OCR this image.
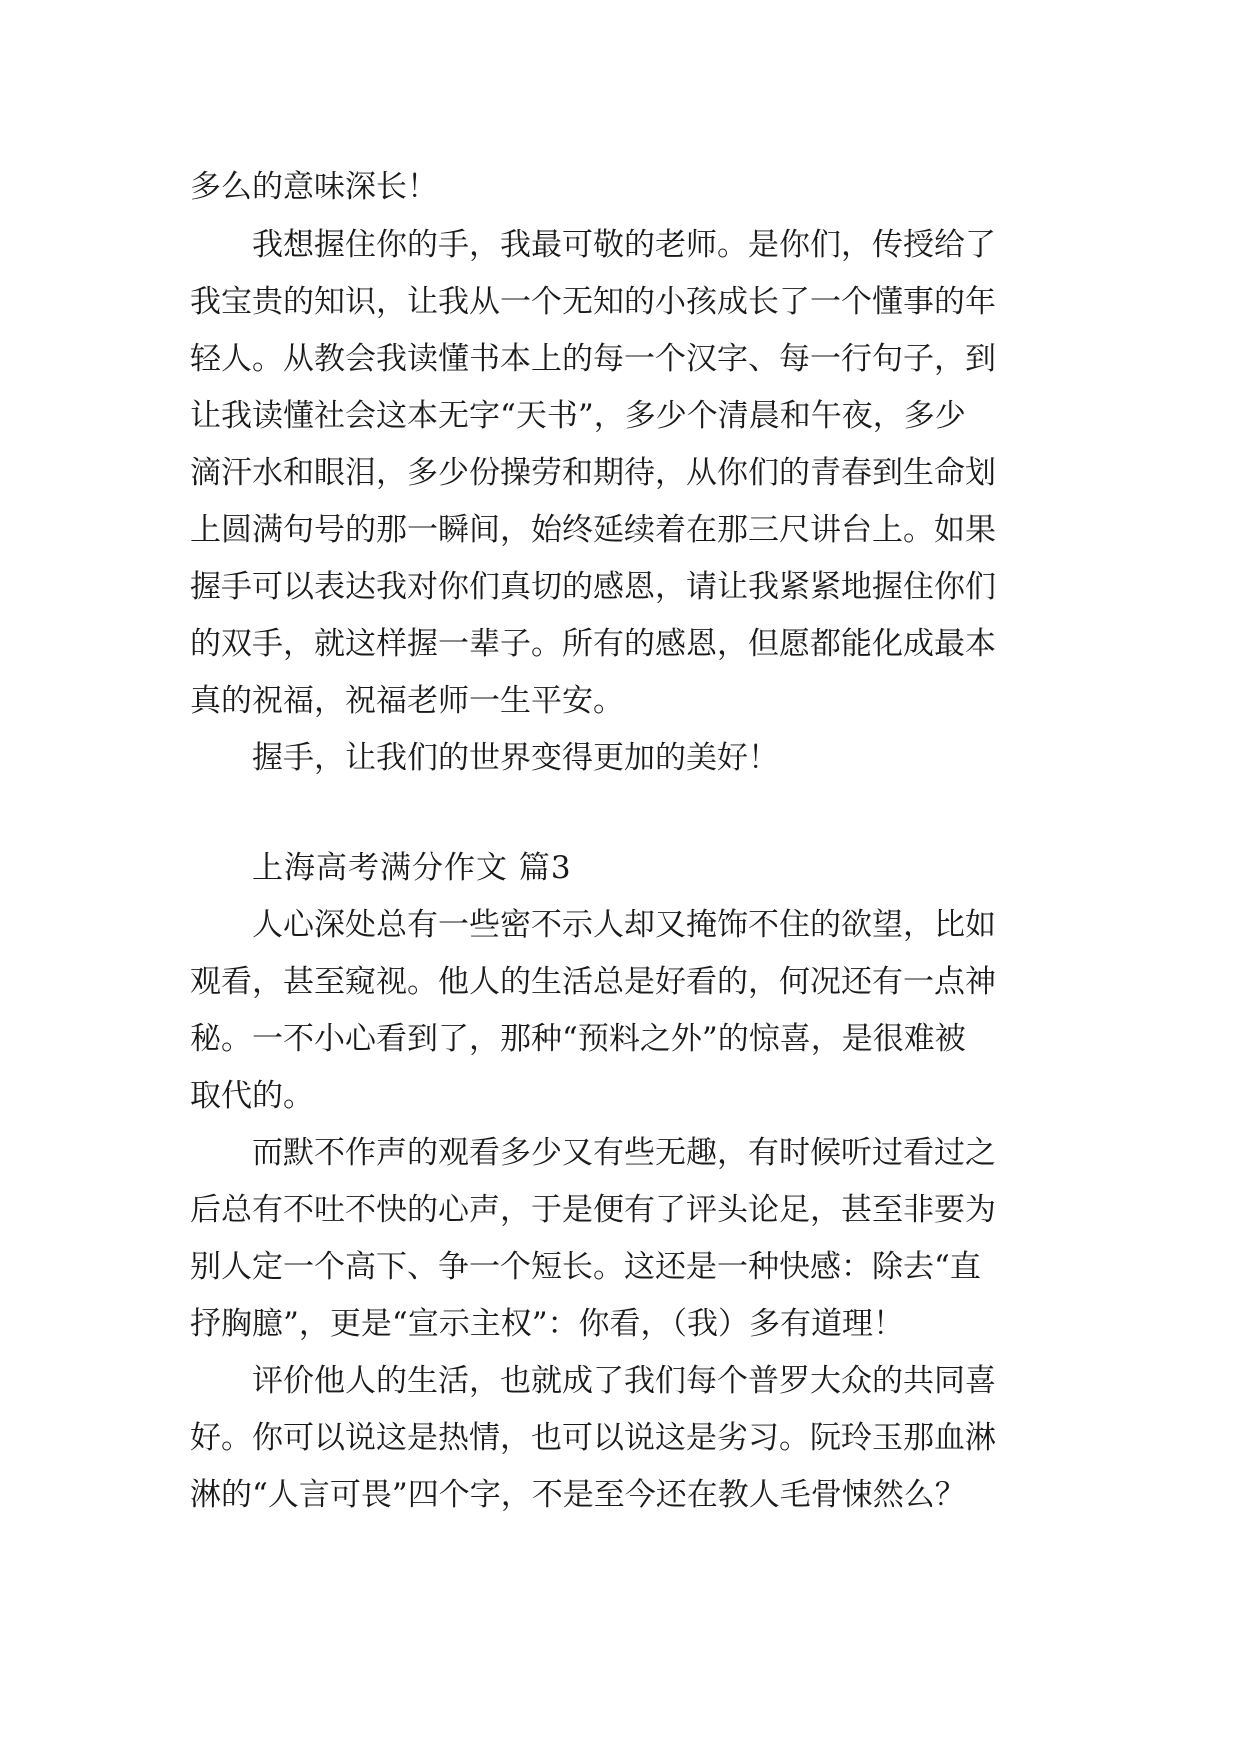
多么的意味深长！
我想握住你的手，我最可敬的老师。是你们，传授给了
我宝贵的知识，让我从一个无知的小孩成长了一个懂事的年
轻人。从教会我读懂书本上的每一个汉字、每一行句子，到
让我读懂社会这本无字“天书”，多少个清晨和午夜，多少
滴汗水和眼泪，多少份操劳和期待，从你们的青春到生命划
上圆满句号的那一瞬间，始终延续着在那三尺讲台上。如果
握手可以表达我对你们真切的感恩，请让我紧紧地握住你们
的双手，就这样握一辈子。所有的感恩，但愿都能化成最本
真的祝福，祝福老师一生平安。
握手，让我们的世界变得更加的美好！
上海高考满分作文 篇3
人心深处总有一些密不示人却又掩饰不住的欲望，比如
观看，甚至窥视。他人的生活总是好看的，何况还有一点神
秘。一不小心看到了，那种“预料之外”的惊喜，是很难被
取代的。
而默不作声的观看多少又有些无趣，有时候听过看过之
后总有不吐不快的心声，于是便有了评头论足，甚至非要为
别人定一个高下、争一个短长。这还是一种快感：除去“直
抒胸臆”，更是“宣示主权”：你看，（我）多有道理！
评价他人的生活，也就成了我们每个普罗大众的共同喜
好。你可以说这是热情，也可以说这是劣习。阮玲玉那血淋
淋的“人言可畏”四个字，不是至今还在教人毛骨悚然么？
